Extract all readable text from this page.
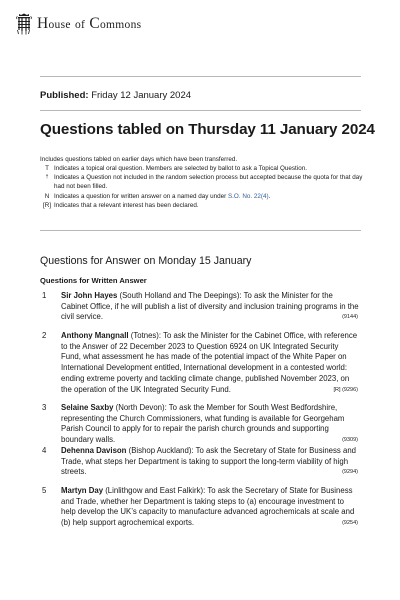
House of Commons
Published: Friday 12 January 2024
Questions tabled on Thursday 11 January 2024
Includes questions tabled on earlier days which have been transferred.
T Indicates a topical oral question. Members are selected by ballot to ask a Topical Question.
† Indicates a Question not included in the random selection process but accepted because the quota for that day had not been filled.
N Indicates a question for written answer on a named day under S.O. No. 22(4).
[R] Indicates that a relevant interest has been declared.
Questions for Answer on Monday 15 January
Questions for Written Answer
1	Sir John Hayes (South Holland and The Deepings): To ask the Minister for the Cabinet Office, if he will publish a list of diversity and inclusion training programs in the civil service.	(9144)
2	Anthony Mangnall (Totnes): To ask the Minister for the Cabinet Office, with reference to the Answer of 22 December 2023 to Question 6924 on UK Integrated Security Fund, what assessment he has made of the potential impact of the White Paper on International Development entitled, International development in a contested world: ending extreme poverty and tackling climate change, published November 2023, on the operation of the UK Integrated Security Fund.	[R] (9296)
3	Selaine Saxby (North Devon): To ask the Member for South West Bedfordshire, representing the Church Commissioners, what funding is available for Georgeham Parish Council to apply for to repair the parish church grounds and supporting boundary walls.	(9309)
4	Dehenna Davison (Bishop Auckland): To ask the Secretary of State for Business and Trade, what steps her Department is taking to support the long-term viability of high streets.	(9294)
5	Martyn Day (Linlithgow and East Falkirk): To ask the Secretary of State for Business and Trade, whether her Department is taking steps to (a) encourage investment to help develop the UK’s capacity to manufacture advanced agrochemicals at scale and (b) help support agrochemical exports.	(9254)
